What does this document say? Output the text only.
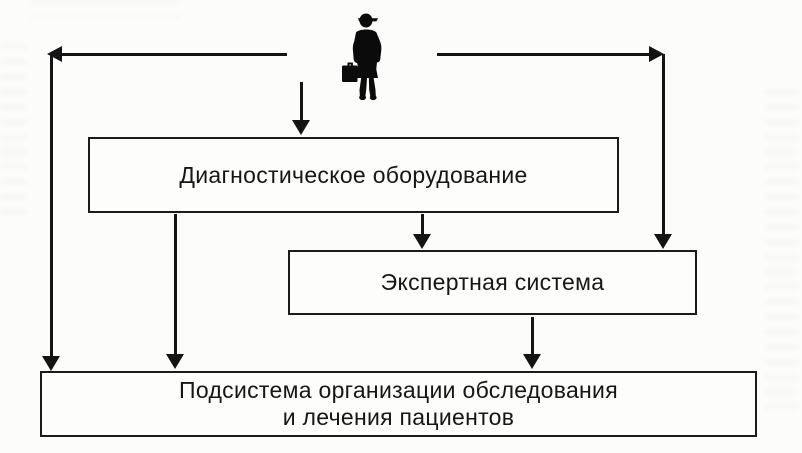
Диагностическое оборудование
Экспертная система
Подсистема организации обследования
и лечения пациентов
